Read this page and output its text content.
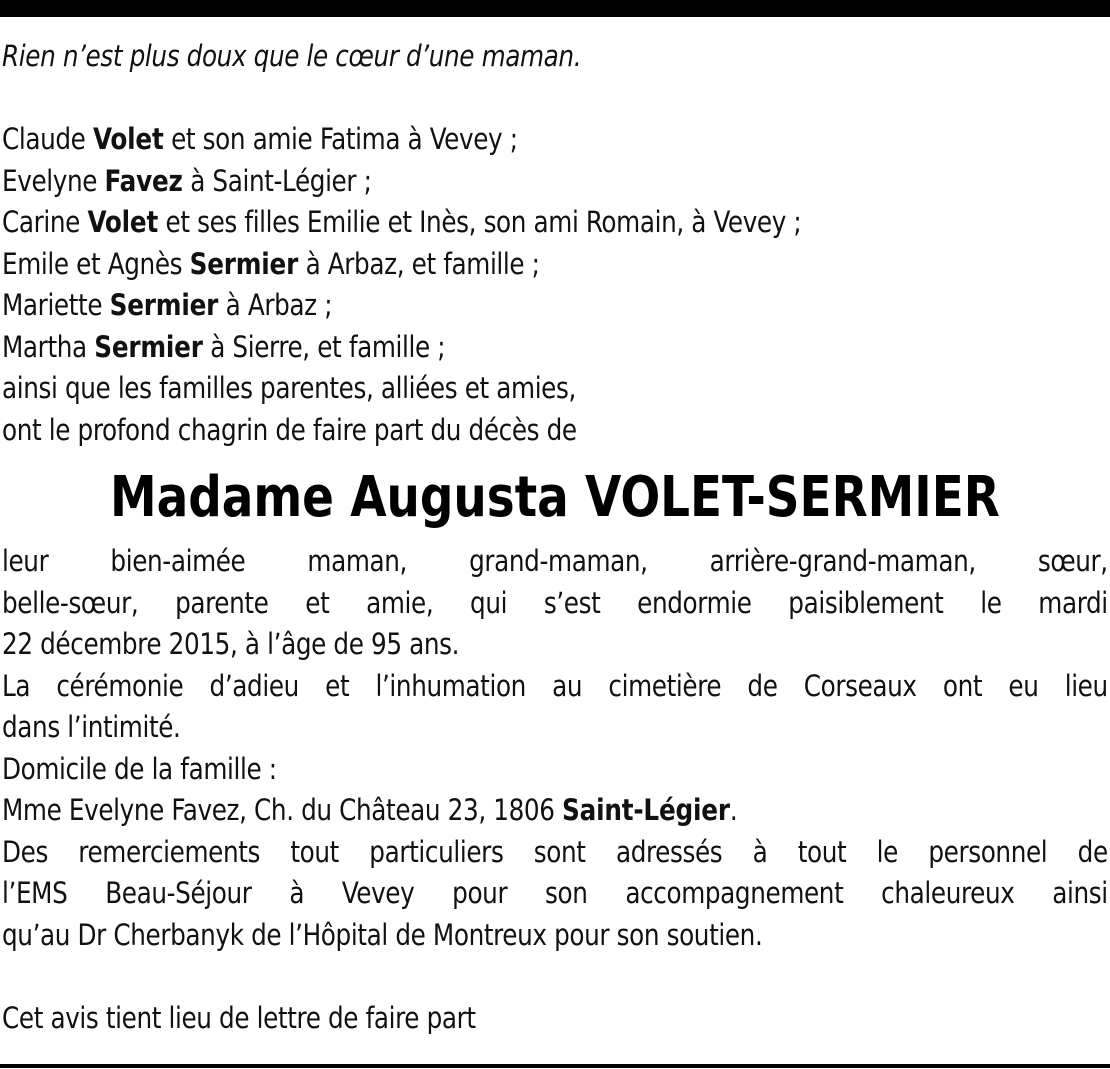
Rien n’est plus doux que le cœur d’une maman.
Claude Volet et son amie Fatima à Vevey ;
Evelyne Favez à Saint-Légier ;
Carine Volet et ses filles Emilie et Inès, son ami Romain, à Vevey ;
Emile et Agnès Sermier à Arbaz, et famille ;
Mariette Sermier à Arbaz ;
Martha Sermier à Sierre, et famille ;
ainsi que les familles parentes, alliées et amies,
ont le profond chagrin de faire part du décès de
Madame Augusta VOLET-SERMIER
leur bien-aimée maman, grand-maman, arrière-grand-maman, sœur,
belle-sœur, parente et amie, qui s’est endormie paisiblement le mardi
22 décembre 2015, à l’âge de 95 ans.
La cérémonie d’adieu et l’inhumation au cimetière de Corseaux ont eu lieu
dans l’intimité.
Domicile de la famille :
Mme Evelyne Favez, Ch. du Château 23, 1806 Saint-Légier.
Des remerciements tout particuliers sont adressés à tout le personnel de
l’EMS Beau-Séjour à Vevey pour son accompagnement chaleureux ainsi
qu’au Dr Cherbanyk de l’Hôpital de Montreux pour son soutien.
Cet avis tient lieu de lettre de faire part
